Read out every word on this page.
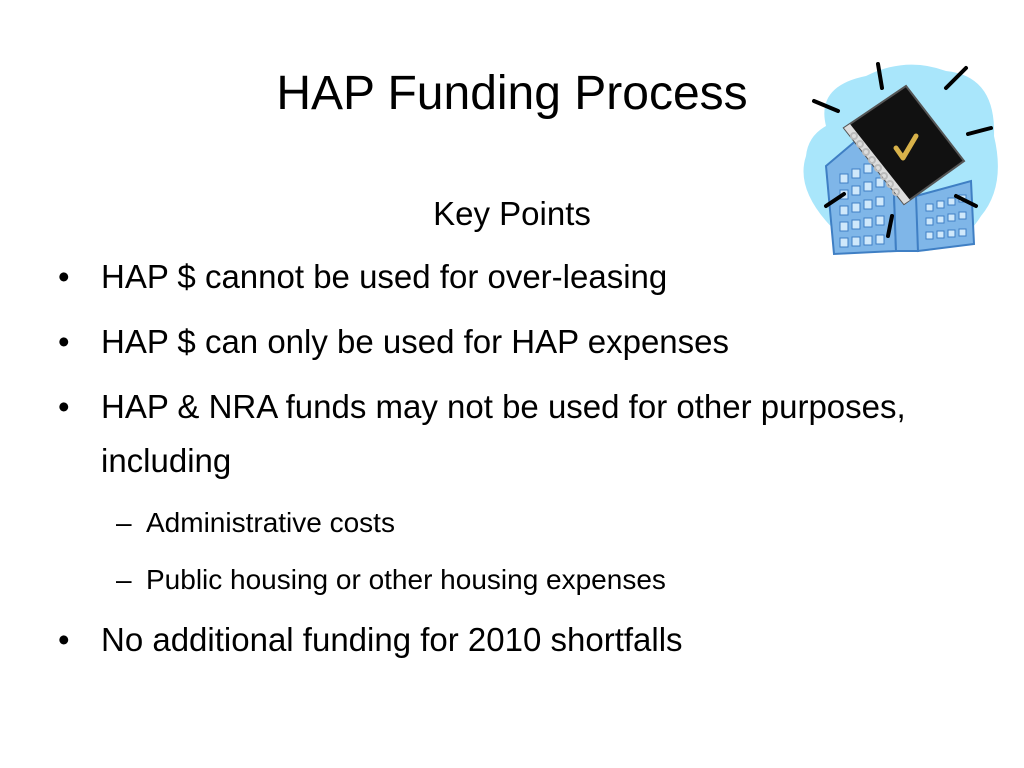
HAP Funding Process
Key Points
• HAP $ cannot be used for over-leasing
• HAP $ can only be used for HAP expenses
• HAP & NRA funds may not be used for other purposes, including
– Administrative costs
– Public housing or other housing expenses
• No additional funding for 2010 shortfalls
